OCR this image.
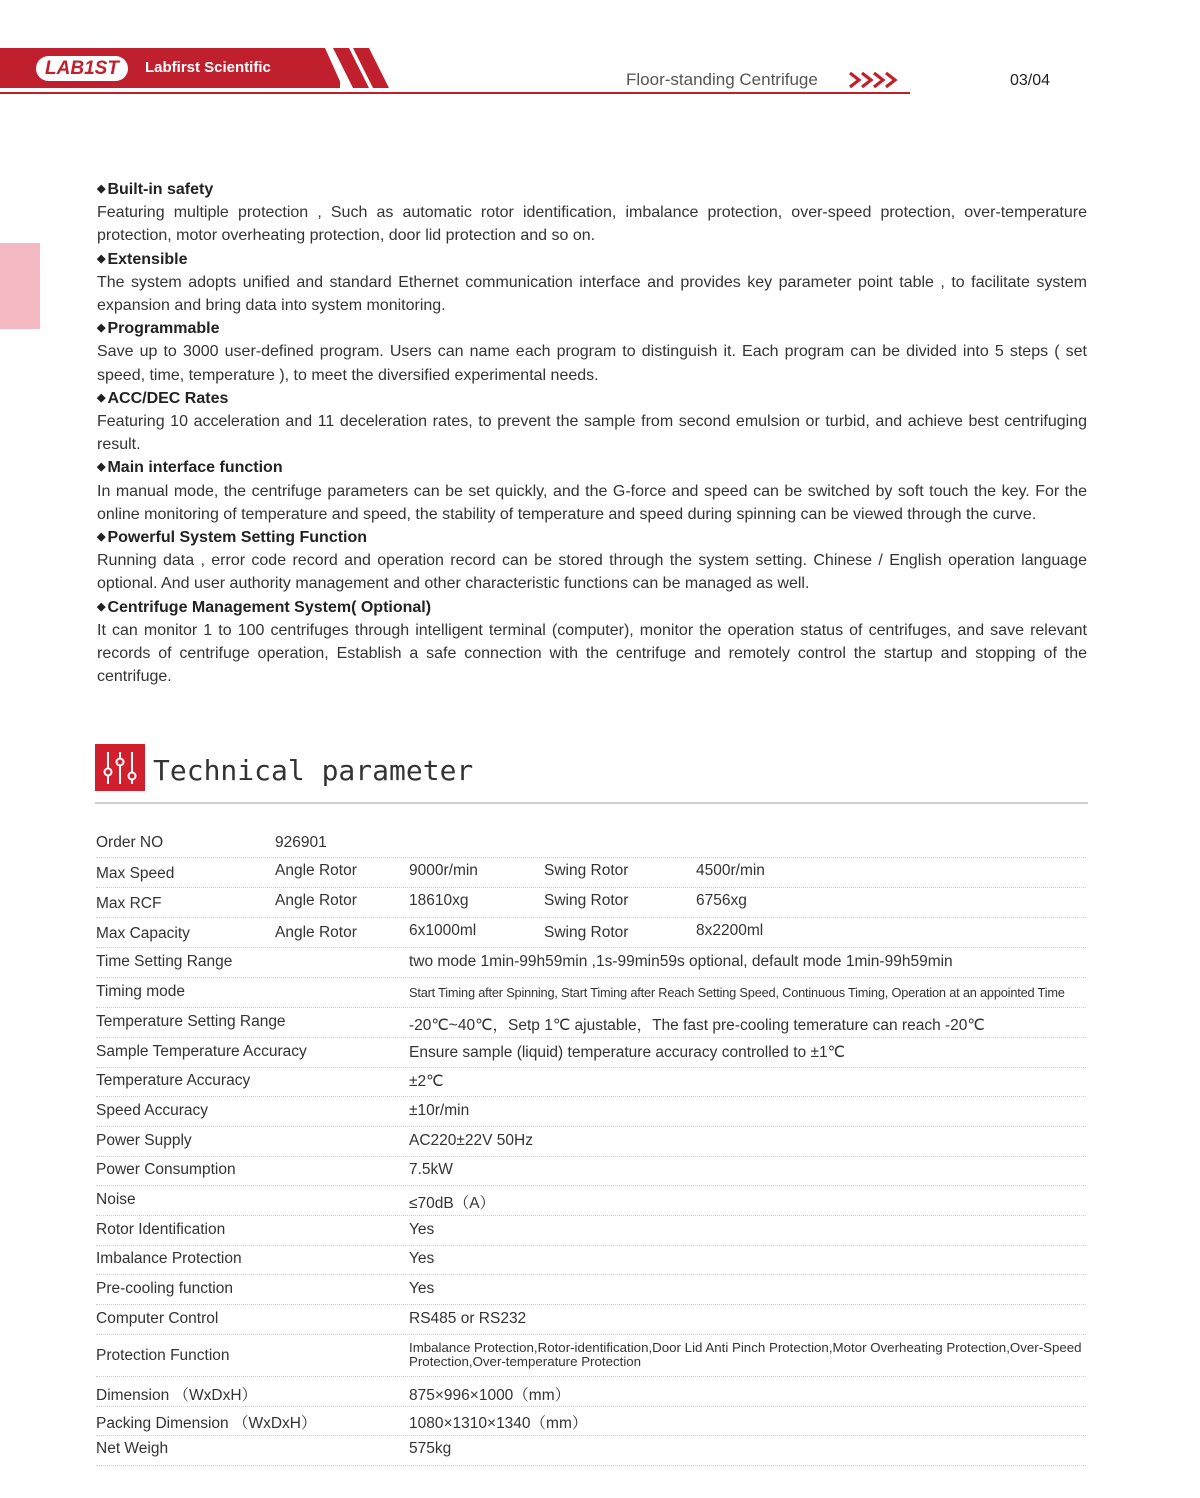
LAB1ST	Labfirst Scientific
Floor-standing Centrifuge	03/04
◆ Built-in safety
Featuring multiple protection , Such as automatic rotor identification, imbalance protection, over-speed protection, over-temperature protection, motor overheating protection, door lid protection and so on.
◆ Extensible
The system adopts unified and standard Ethernet communication interface and provides key parameter point table , to facilitate system expansion and bring data into system monitoring.
◆ Programmable
Save up to 3000 user-defined program. Users can name each program to distinguish it. Each program can be divided into 5 steps ( set speed, time, temperature ), to meet the diversified experimental needs.
◆ ACC/DEC Rates
Featuring 10 acceleration and 11 deceleration rates, to prevent the sample from second emulsion or turbid, and achieve best centrifuging result.
◆ Main interface function
In manual mode, the centrifuge parameters can be set quickly, and the G-force and speed can be switched by soft touch the key. For the online monitoring of temperature and speed, the stability of temperature and speed during spinning can be viewed through the curve.
◆ Powerful System Setting Function
Running data , error code record and operation record can be stored through the system setting. Chinese / English operation language optional. And user authority management and other characteristic functions can be managed as well.
◆ Centrifuge Management System( Optional)
It can monitor 1 to 100 centrifuges through intelligent terminal (computer), monitor the operation status of centrifuges, and save relevant records of centrifuge operation, Establish a safe connection with the centrifuge and remotely control the startup and stopping of the centrifuge.
Technical parameter
Order NO	926901
Max Speed	Angle Rotor	9000r/min	Swing Rotor	4500r/min
Max RCF	Angle Rotor	18610xg	Swing Rotor	6756xg
Max Capacity	Angle Rotor	6x1000ml	Swing Rotor	8x2200ml
Time Setting Range	two mode 1min-99h59min ,1s-99min59s optional, default mode 1min-99h59min
Timing mode	Start Timing after Spinning, Start Timing after Reach Setting Speed, Continuous Timing, Operation at an appointed Time
Temperature Setting Range	-20℃~40℃，Setp 1℃ ajustable，The fast pre-cooling temerature can reach -20℃
Sample Temperature Accuracy	Ensure sample (liquid) temperature accuracy controlled to ±1℃
Temperature Accuracy	±2℃
Speed Accuracy	±10r/min
Power Supply	AC220±22V 50Hz
Power Consumption	7.5kW
Noise	≤70dB（A）
Rotor Identification	Yes
Imbalance Protection	Yes
Pre-cooling function	Yes
Computer Control	RS485 or RS232
Protection Function	Imbalance Protection,Rotor-identification,Door Lid Anti Pinch Protection,Motor Overheating Protection,Over-Speed Protection,Over-temperature Protection
Dimension （WxDxH）	875×996×1000（mm）
Packing Dimension （WxDxH）	1080×1310×1340（mm）
Net Weigh	575kg
